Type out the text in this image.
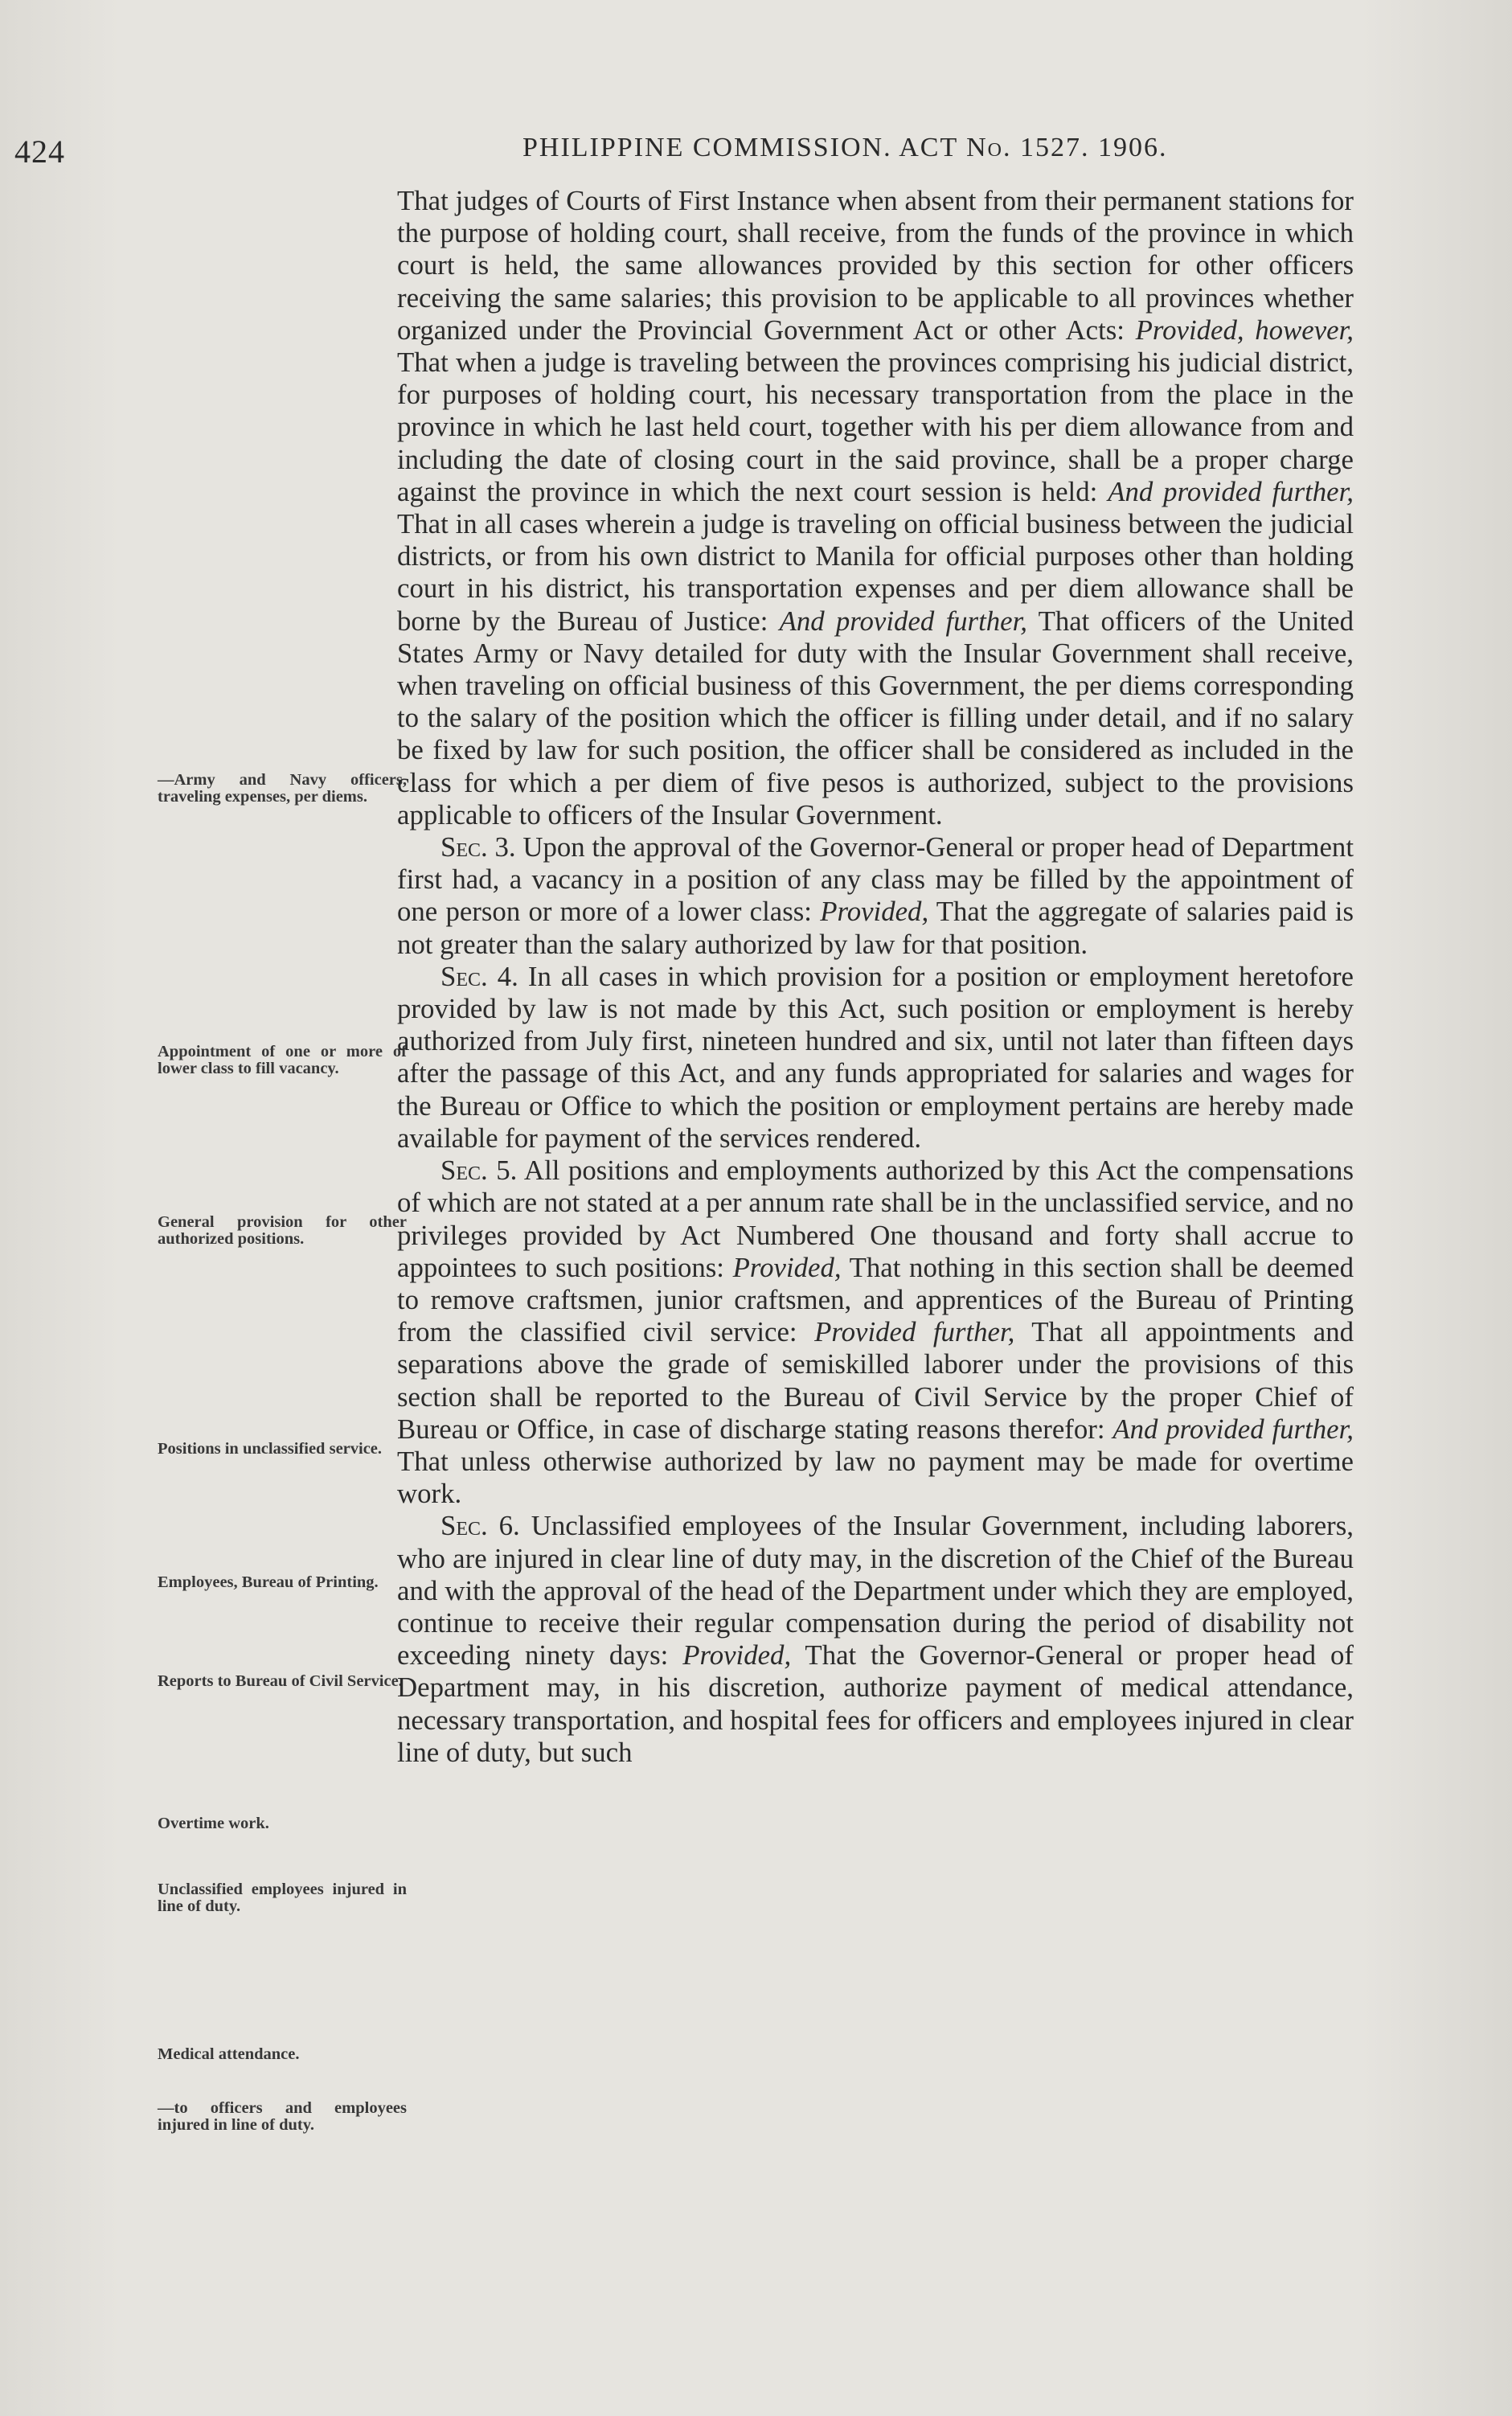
424	PHILIPPINE COMMISSION. ACT No. 1527. 1906.
—Army and Navy officers, traveling expenses, per diems.
Appointment of one or more of lower class to fill vacancy.
General provision for other authorized positions.
Positions in unclassified service.
Employees, Bureau of Printing.
Reports to Bureau of Civil Service.
Overtime work.
Unclassified employees injured in line of duty.
Medical attendance.
—to officers and employees injured in line of duty.

That judges of Courts of First Instance when absent from their permanent stations for the purpose of holding court, shall receive, from the funds of the province in which court is held, the same allowances provided by this section for other officers receiving the same salaries; this provision to be applicable to all provinces whether organized under the Provincial Government Act or other Acts: Provided, however, That when a judge is traveling between the provinces comprising his judicial district, for purposes of holding court, his necessary transportation from the place in the province in which he last held court, together with his per diem allowance from and including the date of closing court in the said province, shall be a proper charge against the province in which the next court session is held: And provided further, That in all cases wherein a judge is traveling on official business between the judicial districts, or from his own district to Manila for official purposes other than holding court in his district, his transportation expenses and per diem allowance shall be borne by the Bureau of Justice: And provided further, That officers of the United States Army or Navy detailed for duty with the Insular Government shall receive, when traveling on official business of this Government, the per diems corresponding to the salary of the position which the officer is filling under detail, and if no salary be fixed by law for such position, the officer shall be considered as included in the class for which a per diem of five pesos is authorized, subject to the provisions applicable to officers of the Insular Government.

Sec. 3. Upon the approval of the Governor-General or proper head of Department first had, a vacancy in a position of any class may be filled by the appointment of one person or more of a lower class: Provided, That the aggregate of salaries paid is not greater than the salary authorized by law for that position.

Sec. 4. In all cases in which provision for a position or employment heretofore provided by law is not made by this Act, such position or employment is hereby authorized from July first, nineteen hundred and six, until not later than fifteen days after the passage of this Act, and any funds appropriated for salaries and wages for the Bureau or Office to which the position or employment pertains are hereby made available for payment of the services rendered.

Sec. 5. All positions and employments authorized by this Act the compensations of which are not stated at a per annum rate shall be in the unclassified service, and no privileges provided by Act Numbered One thousand and forty shall accrue to appointees to such positions: Provided, That nothing in this section shall be deemed to remove craftsmen, junior craftsmen, and apprentices of the Bureau of Printing from the classified civil service: Provided further, That all appointments and separations above the grade of semiskilled laborer under the provisions of this section shall be reported to the Bureau of Civil Service by the proper Chief of Bureau or Office, in case of discharge stating reasons therefor: And provided further, That unless otherwise authorized by law no payment may be made for overtime work.

Sec. 6. Unclassified employees of the Insular Government, including laborers, who are injured in clear line of duty may, in the discretion of the Chief of the Bureau and with the approval of the head of the Department under which they are employed, continue to receive their regular compensation during the period of disability not exceeding ninety days: Provided, That the Governor-General or proper head of Department may, in his discretion, authorize payment of medical attendance, necessary transportation, and hospital fees for officers and employees injured in clear line of duty, but such
